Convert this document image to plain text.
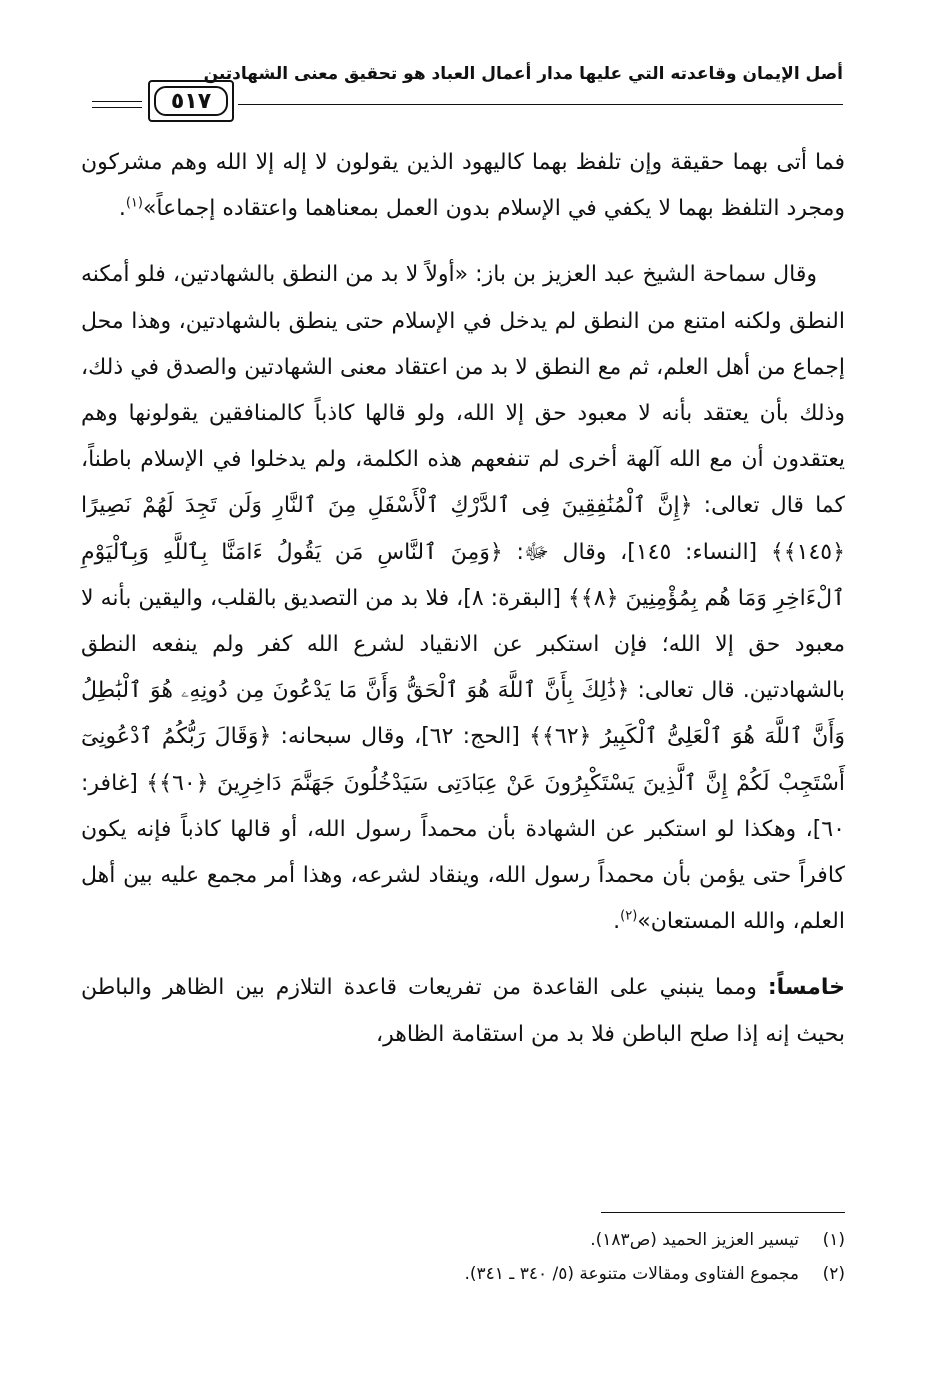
أصل الإيمان وقاعدته التي عليها مدار أعمال العباد هو تحقيق معنى الشهادتين
٥١٧

فما أتى بهما حقيقة وإن تلفظ بهما كاليهود الذين يقولون لا إله إلا الله وهم مشركون ومجرد التلفظ بهما لا يكفي في الإسلام بدون العمل بمعناهما واعتقاده إجماعاً»$^{(١)}$.

وقال سماحة الشيخ عبد العزيز بن باز: «أولاً لا بد من النطق بالشهادتين، فلو أمكنه النطق ولكنه امتنع من النطق لم يدخل في الإسلام حتى ينطق بالشهادتين، وهذا محل إجماع من أهل العلم، ثم مع النطق لا بد من اعتقاد معنى الشهادتين والصدق في ذلك، وذلك بأن يعتقد بأنه لا معبود حق إلا الله، ولو قالها كاذباً كالمنافقين يقولونها وهم يعتقدون أن مع الله آلهة أخرى لم تنفعهم هذه الكلمة، ولم يدخلوا في الإسلام باطناً، كما قال تعالى: ﴿إِنَّ ٱلْمُنَٰفِقِينَ فِى ٱلدَّرْكِ ٱلْأَسْفَلِ مِنَ ٱلنَّارِ وَلَن تَجِدَ لَهُمْ نَصِيرًا ﴿١٤٥﴾﴾ [النساء: ١٤٥]، وقال ﷻ: ﴿وَمِنَ ٱلنَّاسِ مَن يَقُولُ ءَامَنَّا بِٱللَّهِ وَبِٱلْيَوْمِ ٱلْءَاخِرِ وَمَا هُم بِمُؤْمِنِينَ ﴿٨﴾﴾ [البقرة: ٨]، فلا بد من التصديق بالقلب، واليقين بأنه لا معبود حق إلا الله؛ فإن استكبر عن الانقياد لشرع الله كفر ولم ينفعه النطق بالشهادتين. قال تعالى: ﴿ذَٰلِكَ بِأَنَّ ٱللَّهَ هُوَ ٱلْحَقُّ وَأَنَّ مَا يَدْعُونَ مِن دُونِهِۦ هُوَ ٱلْبَٰطِلُ وَأَنَّ ٱللَّهَ هُوَ ٱلْعَلِىُّ ٱلْكَبِيرُ ﴿٦٢﴾﴾ [الحج: ٦٢]، وقال سبحانه: ﴿وَقَالَ رَبُّكُمُ ٱدْعُونِىٓ أَسْتَجِبْ لَكُمْ إِنَّ ٱلَّذِينَ يَسْتَكْبِرُونَ عَنْ عِبَادَتِى سَيَدْخُلُونَ جَهَنَّمَ دَاخِرِينَ ﴿٦٠﴾﴾ [غافر: ٦٠]، وهكذا لو استكبر عن الشهادة بأن محمداً رسول الله، أو قالها كاذباً فإنه يكون كافراً حتى يؤمن بأن محمداً رسول الله، وينقاد لشرعه، وهذا أمر مجمع عليه بين أهل العلم، والله المستعان»$^{(٢)}$.

خامساً: ومما ينبني على القاعدة من تفريعات قاعدة التلازم بين الظاهر والباطن بحيث إنه إذا صلح الباطن فلا بد من استقامة الظاهر،

(١)
تيسير العزيز الحميد (ص١٨٣).
(٢)
مجموع الفتاوى ومقالات متنوعة (٥/ ٣٤٠ ـ ٣٤١).
